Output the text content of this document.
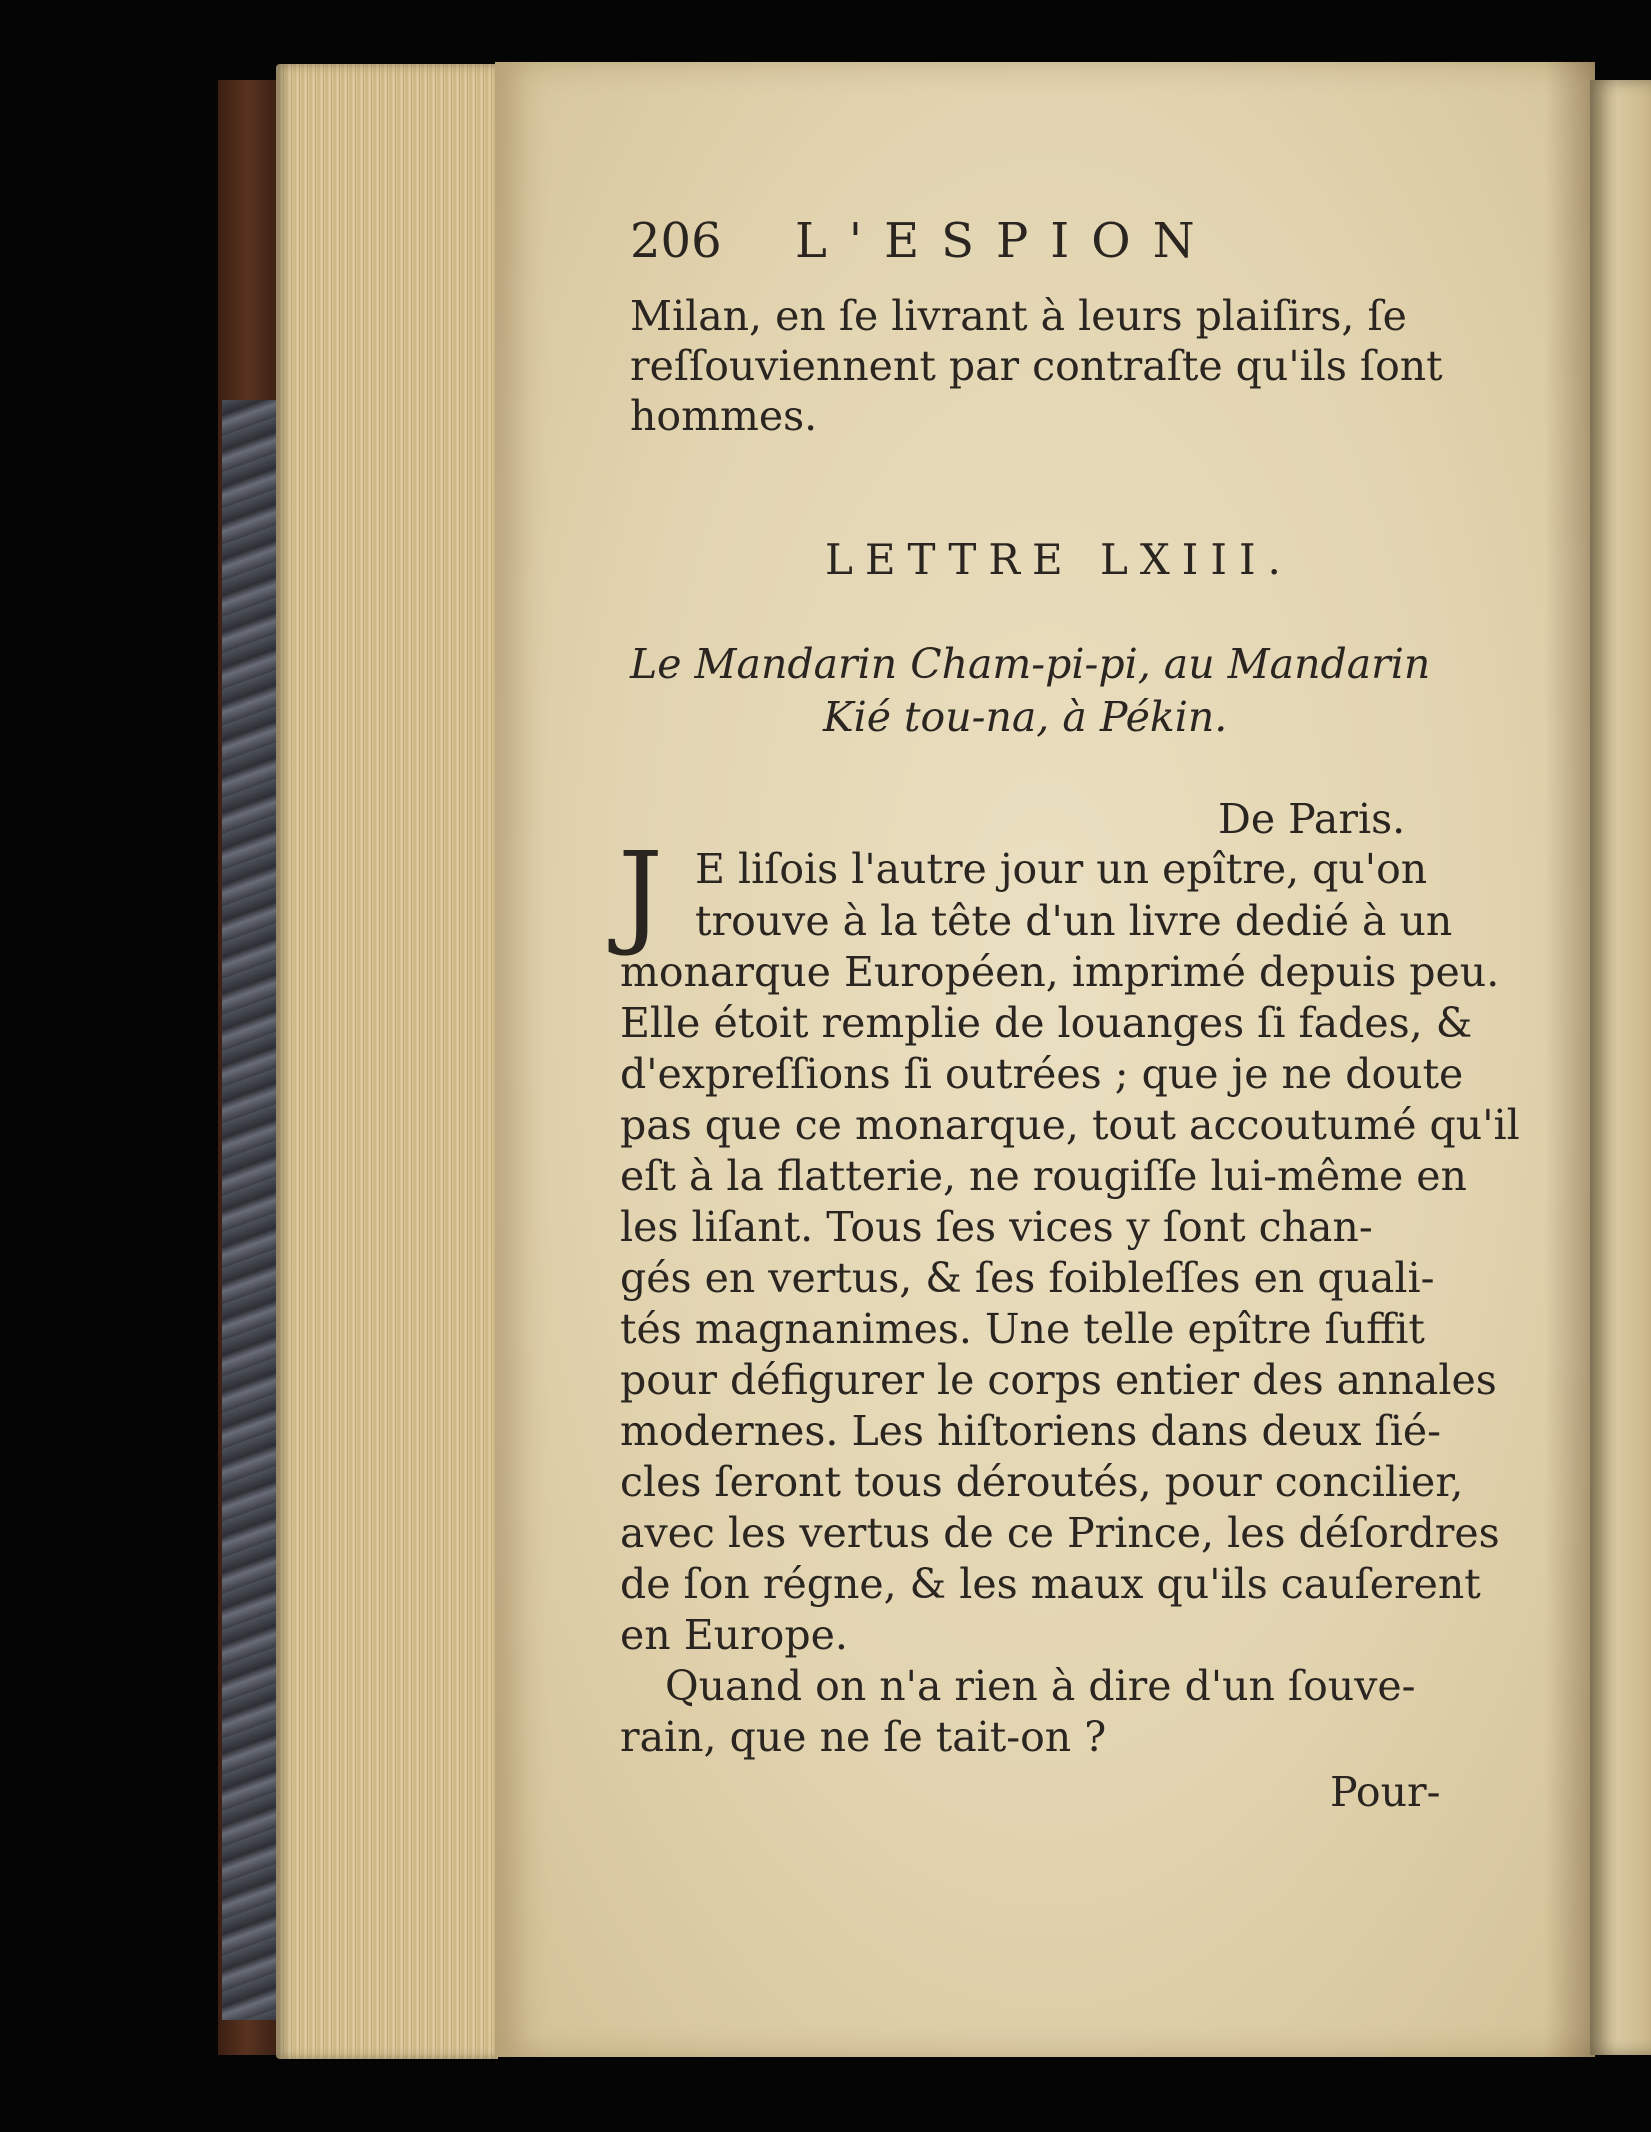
206 L'ESPION
Milan, en ſe livrant à leurs plaiſirs, ſe
reſſouviennent par contraſte qu'ils ſont
hommes.
LETTRE LXIII.
Le Mandarin Cham-pi-pi, au Mandarin
Kié tou-na, à Pékin.
De Paris.
J E liſois l'autre jour un epître, qu'on
trouve à la tête d'un livre dedié à un
monarque Européen, imprimé depuis peu.
Elle étoit remplie de louanges ſi fades, &
d'expreſſions ſi outrées ; que je ne doute
pas que ce monarque, tout accoutumé qu'il
eſt à la flatterie, ne rougiſſe lui-même en
les liſant. Tous ſes vices y ſont chan-
gés en vertus, & ſes foibleſſes en quali-
tés magnanimes. Une telle epître ſuffit
pour défigurer le corps entier des annales
modernes. Les hiſtoriens dans deux ſié-
cles ſeront tous déroutés, pour concilier,
avec les vertus de ce Prince, les déſordres
de ſon régne, & les maux qu'ils cauſerent
en Europe.
Quand on n'a rien à dire d'un ſouve-
rain, que ne ſe tait-on ?
Pour-
